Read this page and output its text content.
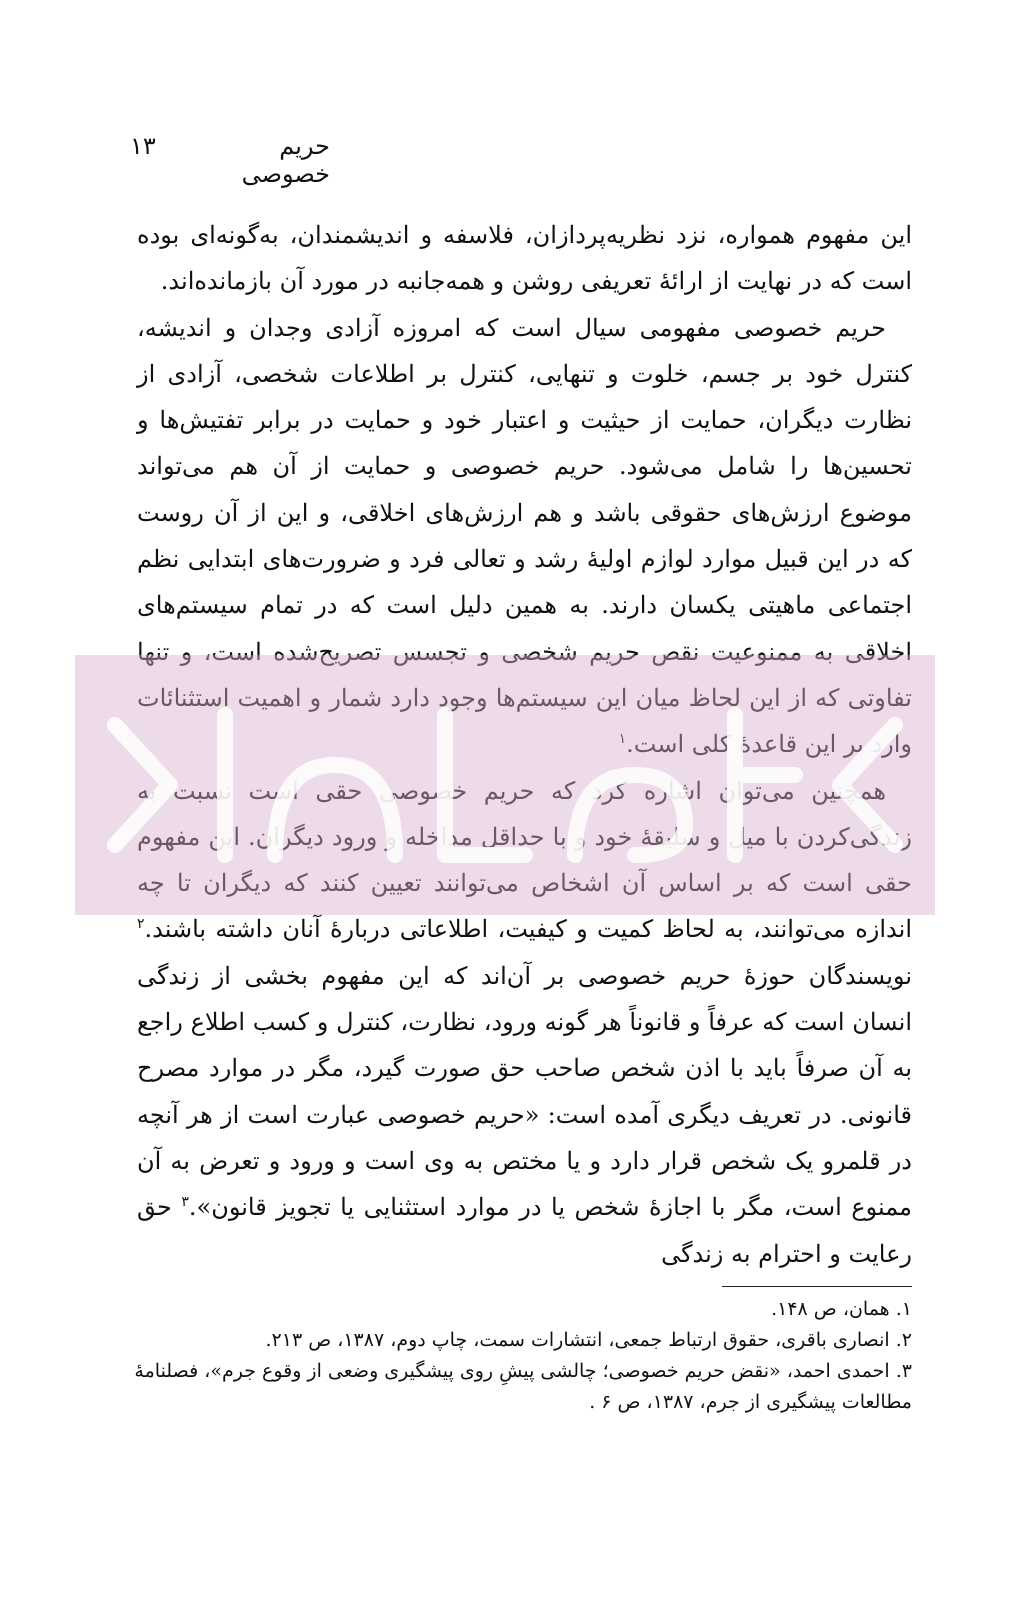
حریم خصوصی
۱۳

این مفهوم همواره، نزد نظریه‌پردازان، فلاسفه و اندیشمندان، به‌گونه‌ای بوده است که در نهایت از ارائهٔ تعریفی روشن و همه‌جانبه در مورد آن بازمانده‌اند.

حریم خصوصی مفهومی سیال است که امروزه آزادی وجدان و اندیشه، کنترل خود بر جسم، خلوت و تنهایی، کنترل بر اطلاعات شخصی، آزادی از نظارت دیگران، حمایت از حیثیت و اعتبار خود و حمایت در برابر تفتیش‌ها و تحسین‌ها را شامل می‌شود. حریم خصوصی و حمایت از آن هم می‌تواند موضوع ارزش‌های حقوقی باشد و هم ارزش‌های اخلاقی، و این از آن روست که در این قبیل موارد لوازم اولیهٔ رشد و تعالی فرد و ضرورت‌های ابتدایی نظم اجتماعی ماهیتی یکسان دارند. به همین دلیل است که در تمام سیستم‌های اخلاقی به ممنوعیت نقص حریم شخصی و تجسس تصریح‌شده است، و تنها تفاوتی که از این لحاظ میان این سیستم‌ها وجود دارد شمار و اهمیت استثنائات وارد بر این قاعدهٔ کلی است.$^۱$

همچنین می‌توان اشاره کرد که حریم خصوصی حقی است نسبت به زندگی‌کردن با میل و سلیقهٔ خود و با حداقل مداخله و ورود دیگران. این مفهوم حقی است که بر اساس آن اشخاص می‌توانند تعیین کنند که دیگران تا چه اندازه می‌توانند، به لحاظ کمیت و کیفیت، اطلاعاتی دربارهٔ آنان داشته باشند.$^۲$ نویسندگان حوزهٔ حریم خصوصی بر آن‌اند که این مفهوم بخشی از زندگی انسان است که عرفاً و قانوناً هر گونه ورود، نظارت، کنترل و کسب اطلاع راجع به آن صرفاً باید با اذن شخص صاحب حق صورت گیرد، مگر در موارد مصرح قانونی. در تعریف دیگری آمده است: «حریم خصوصی عبارت است از هر آنچه در قلمرو یک شخص قرار دارد و یا مختص به وی است و ورود و تعرض به آن ممنوع است، مگر با اجازهٔ شخص یا در موارد استثنایی یا تجویز قانون».$^۳$ حق رعایت و احترام به زندگی

۱. همان، ص ۱۴۸.
۲. انصاری باقری، حقوق ارتباط جمعی، انتشارات سمت، چاپ دوم، ۱۳۸۷، ص ۲۱۳.
۳. احمدی احمد، «نقض حریم خصوصی؛ چالشی پیشِ روی پیشگیری وضعی از وقوع جرم»، فصلنامهٔ مطالعات پیشگیری از جرم، ۱۳۸۷، ص ۶ .
